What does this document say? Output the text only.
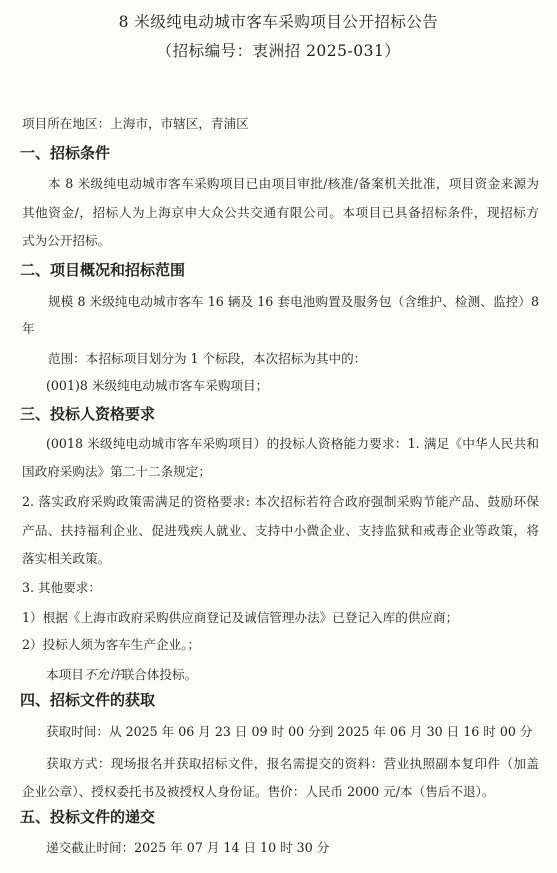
8 米级纯电动城市客车采购项目公开招标公告
（招标编号：衷洲招 2025-031）
项目所在地区：上海市，市辖区，青浦区
一、招标条件
本 8 米级纯电动城市客车采购项目已由项目审批/核准/备案机关批准，项目资金来源为
其他资金/，招标人为上海京申大众公共交通有限公司。本项目已具备招标条件，现招标方
式为公开招标。
二、项目概况和招标范围
规模 8 米级纯电动城市客车 16 辆及 16 套电池购置及服务包（含维护、检测、监控）8
年
范围：本招标项目划分为 1 个标段，本次招标为其中的：
(001)8 米级纯电动城市客车采购项目；
三、投标人资格要求
(0018 米级纯电动城市客车采购项目）的投标人资格能力要求：1. 满足《中华人民共和
国政府采购法》第二十二条规定；
2. 落实政府采购政策需满足的资格要求: 本次招标若符合政府强制采购节能产品、鼓励环保
产品、扶持福利企业、促进残疾人就业、支持中小微企业、支持监狱和戒毒企业等政策，将
落实相关政策。
3. 其他要求：
1）根据《上海市政府采购供应商登记及诚信管理办法》已登记入库的供应商；
2）投标人须为客车生产企业。；
本项目不允许联合体投标。
四、招标文件的获取
获取时间：从 2025 年 06 月 23 日 09 时 00 分到 2025 年 06 月 30 日 16 时 00 分
获取方式：现场报名并获取招标文件，报名需提交的资料：营业执照副本复印件（加盖
企业公章）、授权委托书及被授权人身份证。售价：人民币 2000 元/本（售后不退）。
五、投标文件的递交
递交截止时间：2025 年 07 月 14 日 10 时 30 分
